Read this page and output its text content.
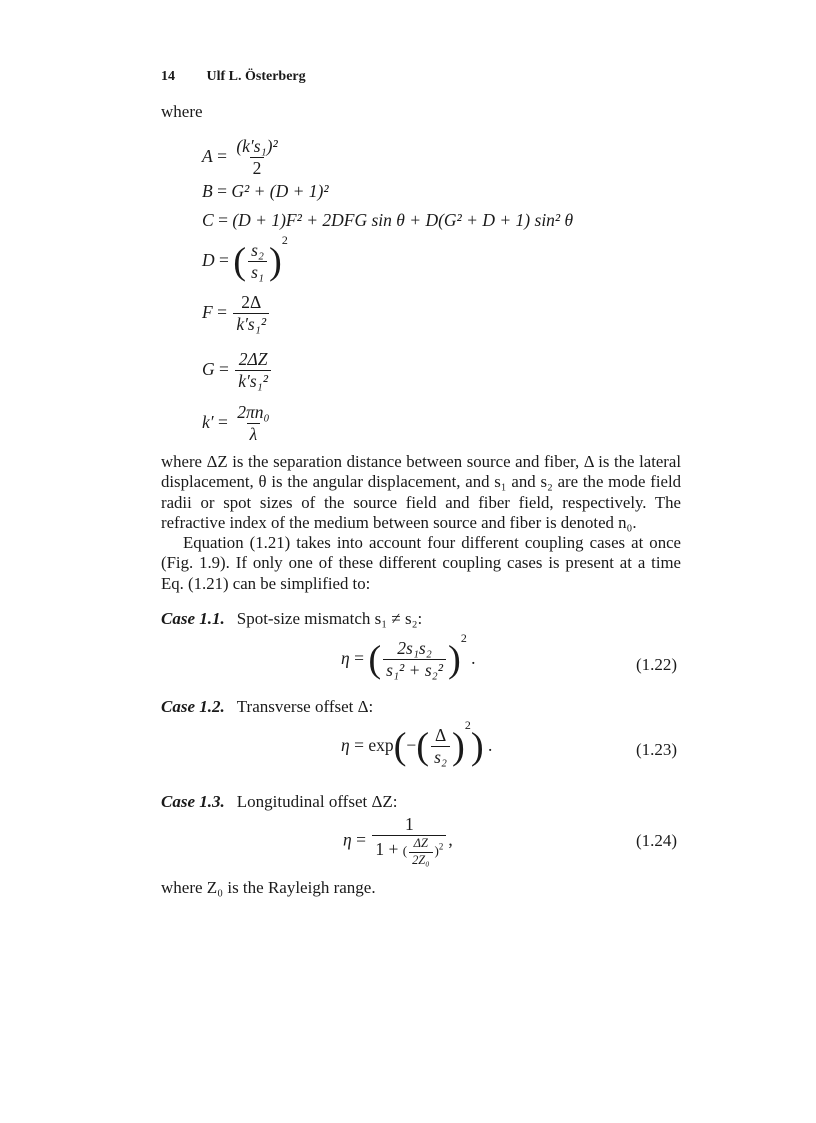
14 Ulf L. Österberg
where
$A = \frac{\text{(k′s₁)²}}{2}$
B = G² + (D + 1)²
C = (D + 1)F² + 2DFG sin θ + D(G² + D + 1) sin² θ
D = ( $\frac{\text{s₂}}{\text{s₁}} )^2$
$F = \frac{2\Delta}{\text{k′s₁²}}$
$G = \frac{2\Delta Z}{\text{k′s₁²}}$
$k' = \frac{\text{2πn₀}}{\lambda}$

where ΔZ is the separation distance between source and fiber, Δ is the lateral displacement, θ is the angular displacement, and s₁ and s₂ are the mode field radii or spot sizes of the source field and fiber field, respectively. The refractive index of the medium between source and fiber is denoted n₀.

Equation (1.21) takes into account four different coupling cases at once (Fig. 1.9). If only one of these different coupling cases is present at a time Eq. (1.21) can be simplified to:

Case 1.1. Spot-size mismatch s₁ ≠ s₂:
η = ( $\frac{\text{2s₁s₂}}{\text{s₁² + s₂²}} )^2$ .	(1.22)
Case 1.2. Transverse offset Δ:
$\eta = \exp(-( \frac{\Delta}{\text{s₂}} )^2)$ .	(1.23)
Case 1.3. Longitudinal offset ΔZ:
$\eta = \frac{1}{1 + ( \frac{\Delta Z}{\text{2Z₀}} )^2}$ ,	(1.24)
where Z₀ is the Rayleigh range.
